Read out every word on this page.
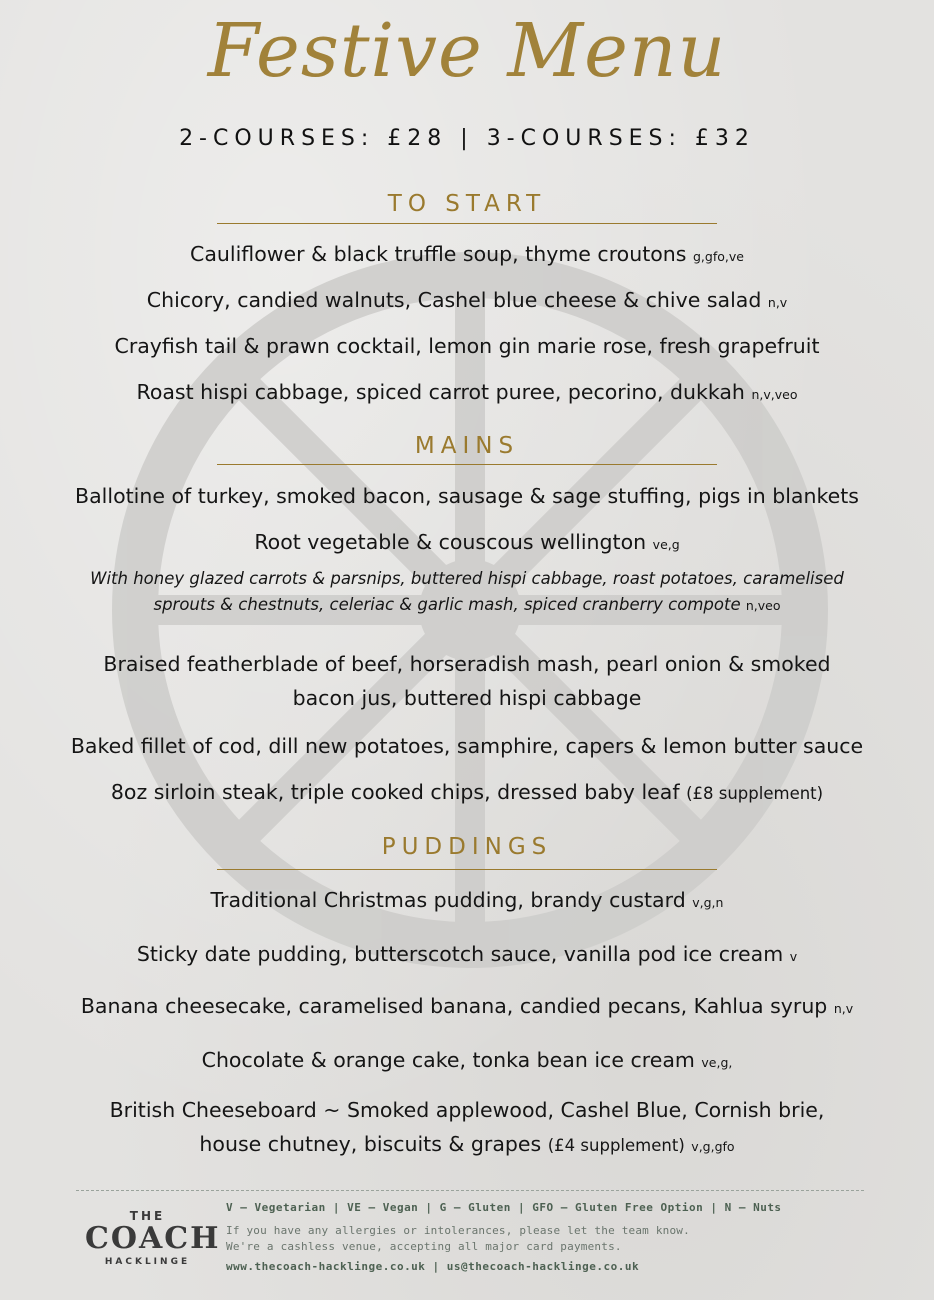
Festive Menu
2-COURSES: £28 | 3-COURSES: £32
TO START
Cauliflower & black truffle soup, thyme croutons g,gfo,ve
Chicory, candied walnuts, Cashel blue cheese & chive salad n,v
Crayfish tail & prawn cocktail, lemon gin marie rose, fresh grapefruit
Roast hispi cabbage, spiced carrot puree, pecorino, dukkah n,v,veo
MAINS
Ballotine of turkey, smoked bacon, sausage & sage stuffing, pigs in blankets
Root vegetable & couscous wellington ve,g
With honey glazed carrots & parsnips, buttered hispi cabbage, roast potatoes, caramelised sprouts & chestnuts, celeriac & garlic mash, spiced cranberry compote n,veo
Braised featherblade of beef, horseradish mash, pearl onion & smoked bacon jus, buttered hispi cabbage
Baked fillet of cod, dill new potatoes, samphire, capers & lemon butter sauce
8oz sirloin steak, triple cooked chips, dressed baby leaf (£8 supplement)
PUDDINGS
Traditional Christmas pudding, brandy custard v,g,n
Sticky date pudding, butterscotch sauce, vanilla pod ice cream v
Banana cheesecake, caramelised banana, candied pecans, Kahlua syrup n,v
Chocolate & orange cake, tonka bean ice cream ve,g,
British Cheeseboard ~ Smoked applewood, Cashel Blue, Cornish brie, house chutney, biscuits & grapes (£4 supplement) v,g,gfo
THE
COACH
HACKLINGE
V – Vegetarian | VE – Vegan | G – Gluten | GFO – Gluten Free Option | N – Nuts
If you have any allergies or intolerances, please let the team know.
We're a cashless venue, accepting all major card payments.
www.thecoach-hacklinge.co.uk | us@thecoach-hacklinge.co.uk
